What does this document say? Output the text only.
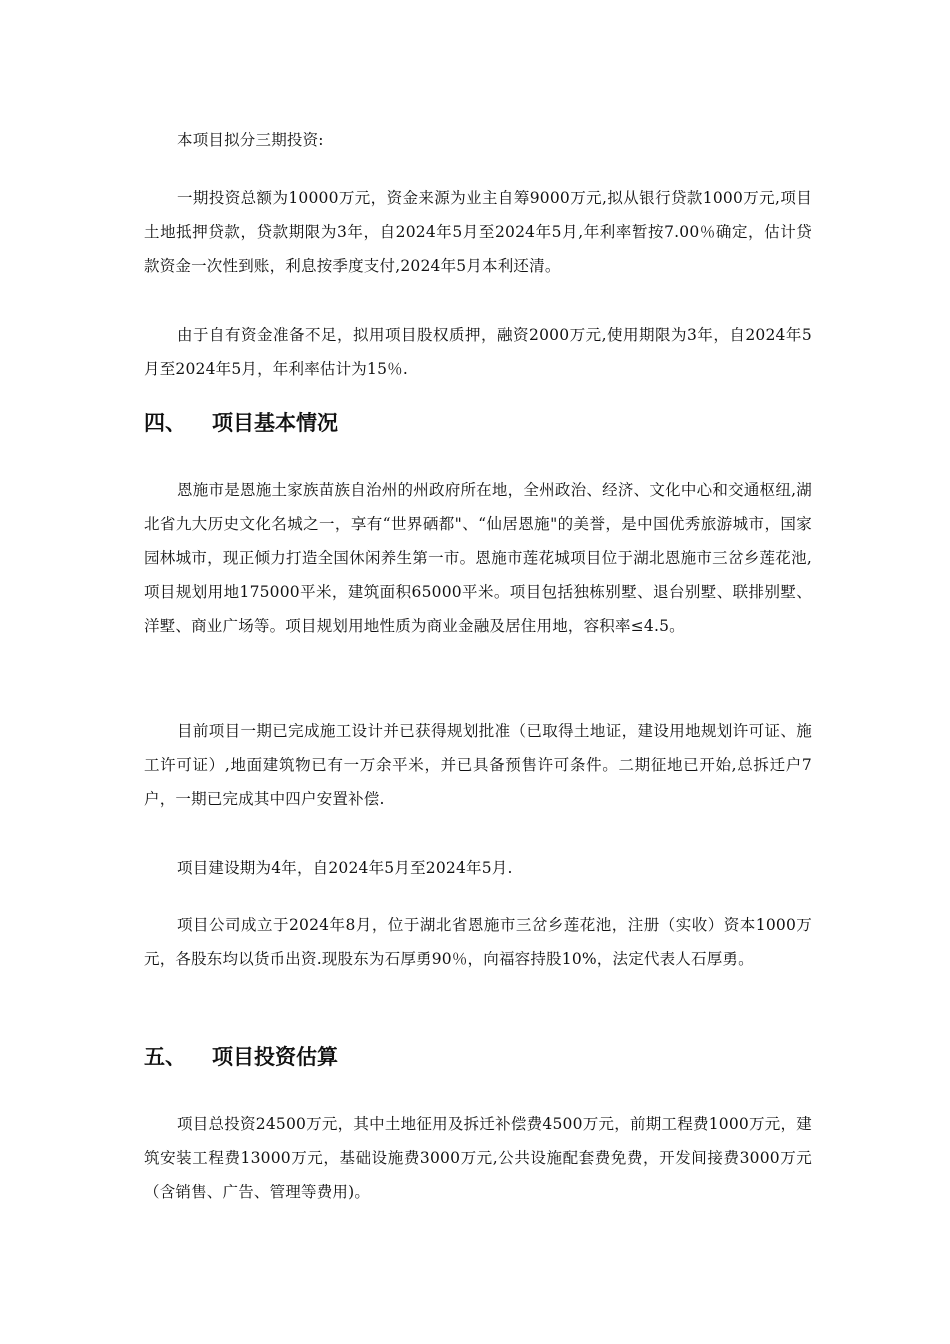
本项目拟分三期投资:

一期投资总额为10000万元，资金来源为业主自筹9000万元,拟从银行贷款1000万元,项目土地抵押贷款，贷款期限为3年，自2024年5月至2024年5月,年利率暂按7.00％确定，估计贷款资金一次性到账，利息按季度支付,2024年5月本利还清。

由于自有资金准备不足，拟用项目股权质押，融资2000万元,使用期限为3年，自2024年5月至2024年5月，年利率估计为15％.

四、	项目基本情况

恩施市是恩施土家族苗族自治州的州政府所在地，全州政治、经济、文化中心和交通枢纽,湖北省九大历史文化名城之一，享有“世界硒都"、“仙居恩施"的美誉，是中国优秀旅游城市，国家园林城市，现正倾力打造全国休闲养生第一市。恩施市莲花城项目位于湖北恩施市三岔乡莲花池,项目规划用地175000平米，建筑面积65000平米。项目包括独栋别墅、退台别墅、联排别墅、洋墅、商业广场等。项目规划用地性质为商业金融及居住用地，容积率≤4.5。

目前项目一期已完成施工设计并已获得规划批准（已取得土地证，建设用地规划许可证、施工许可证）,地面建筑物已有一万余平米，并已具备预售许可条件。二期征地已开始,总拆迁户7户，一期已完成其中四户安置补偿.

项目建设期为4年，自2024年5月至2024年5月.

项目公司成立于2024年8月，位于湖北省恩施市三岔乡莲花池，注册（实收）资本1000万元，各股东均以货币出资.现股东为石厚勇90％，向福容持股10%，法定代表人石厚勇。

五、	项目投资估算

项目总投资24500万元，其中土地征用及拆迁补偿费4500万元，前期工程费1000万元，建筑安装工程费13000万元，基础设施费3000万元,公共设施配套费免费，开发间接费3000万元（含销售、广告、管理等费用)。
